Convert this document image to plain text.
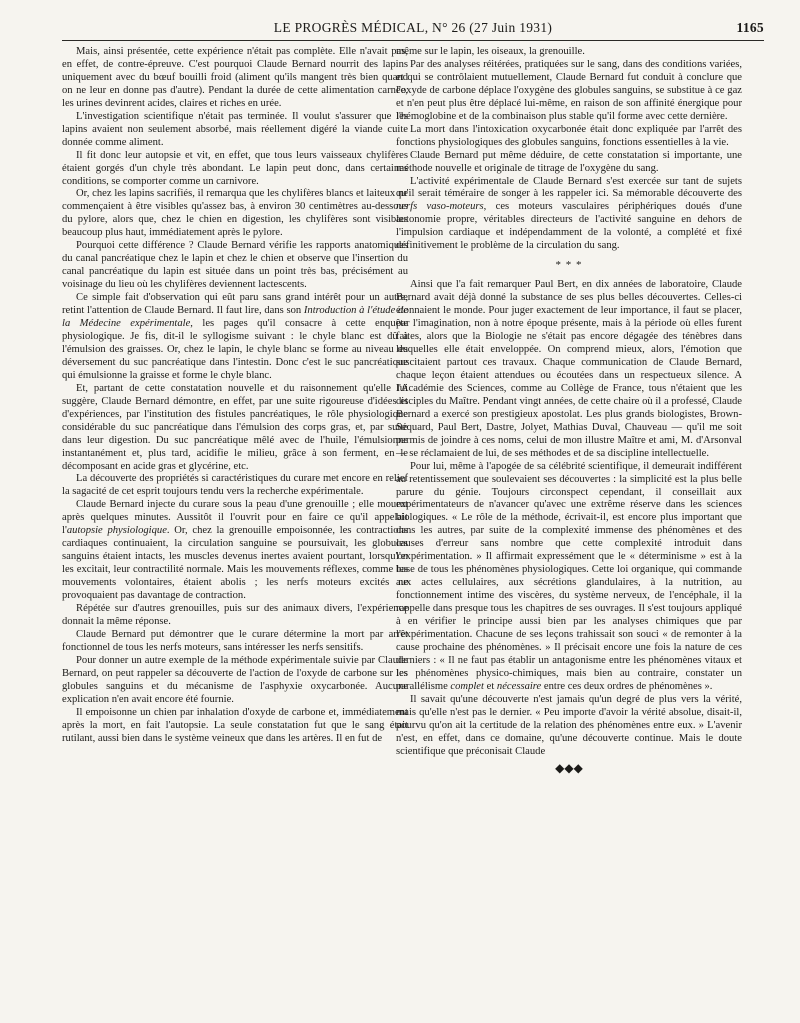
LE PROGRÈS MÉDICAL, N° 26 (27 Juin 1931)	1165

Mais, ainsi présentée, cette expérience n'était pas complète. Elle n'avait pas, en effet, de contre-épreuve. C'est pourquoi Claude Bernard nourrit des lapins uniquement avec du bœuf bouilli froid (aliment qu'ils mangent très bien quand on ne leur en donne pas d'autre). Pendant la durée de cette alimentation carnée, les urines devinrent acides, claires et riches en urée.

L'investigation scientifique n'était pas terminée. Il voulut s'assurer que les lapins avaient non seulement absorbé, mais réellement digéré la viande cuite donnée comme aliment.

Il fit donc leur autopsie et vit, en effet, que tous leurs vaisseaux chylifères étaient gorgés d'un chyle très abondant. Le lapin peut donc, dans certaines conditions, se comporter comme un carnivore.

Or, chez les lapins sacrifiés, il remarqua que les chylifères blancs et laiteux ne commençaient à être visibles qu'assez bas, à environ 30 centimètres au-dessous du pylore, alors que, chez le chien en digestion, les chylifères sont visibles beaucoup plus haut, immédiatement après le pylore.

Pourquoi cette différence ? Claude Bernard vérifie les rapports anatomiques du canal pancréatique chez le lapin et chez le chien et observe que l'insertion du canal pancréatique du lapin est située dans un point très bas, précisément au voisinage du lieu où les chylifères deviennent lactescents.

Ce simple fait d'observation qui eût paru sans grand intérêt pour un autre, retint l'attention de Claude Bernard. Il faut lire, dans son Introduction à l'étude de la Médecine expérimentale, les pages qu'il consacre à cette enquête physiologique. Je fis, dit-il le syllogisme suivant : le chyle blanc est dû à l'émulsion des graisses. Or, chez le lapin, le chyle blanc se forme au niveau du déversement du suc pancréatique dans l'intestin. Donc c'est le suc pancréatique qui émulsionne la graisse et forme le chyle blanc.

Et, partant de cette constatation nouvelle et du raisonnement qu'elle lui suggère, Claude Bernard démontre, en effet, par une suite rigoureuse d'idées et d'expériences, par l'institution des fistules pancréatiques, le rôle physiologique considérable du suc pancréatique dans l'émulsion des corps gras, et, par suite dans leur digestion. Du suc pancréatique mêlé avec de l'huile, l'émulsionne instantanément et, plus tard, acidifie le milieu, grâce à son ferment, en le décomposant en acide gras et glycérine, etc.

La découverte des propriétés si caractéristiques du curare met encore en relief la sagacité de cet esprit toujours tendu vers la recherche expérimentale.

Claude Bernard injecte du curare sous la peau d'une grenouille ; elle mourut après quelques minutes. Aussitôt il l'ouvrit pour en faire ce qu'il appelait l'autopsie physiologique. Or, chez la grenouille empoisonnée, les contractions cardiaques continuaient, la circulation sanguine se poursuivait, les globules sanguins étaient intacts, les muscles devenus inertes avaient pourtant, lorsqu'on les excitait, leur contractilité normale. Mais les mouvements réflexes, comme les mouvements volontaires, étaient abolis ; les nerfs moteurs excités ne provoquaient pas davantage de contraction.

Répétée sur d'autres grenouilles, puis sur des animaux divers, l'expérience donnait la même réponse.

Claude Bernard put démontrer que le curare détermine la mort par arrêt fonctionnel de tous les nerfs moteurs, sans intéresser les nerfs sensitifs.

Pour donner un autre exemple de la méthode expérimentale suivie par Claude Bernard, on peut rappeler sa découverte de l'action de l'oxyde de carbone sur les globules sanguins et du mécanisme de l'asphyxie oxycarbonée. Aucune explication n'en avait encore été fournie.

Il empoisonne un chien par inhalation d'oxyde de carbone et, immédiatement après la mort, en fait l'autopsie. La seule constatation fut que le sang était rutilant, aussi bien dans le système veineux que dans les artères. Il en fut de

même sur le lapin, les oiseaux, la grenouille.

Par des analyses réitérées, pratiquées sur le sang, dans des conditions variées, et qui se contrôlaient mutuellement, Claude Bernard fut conduit à conclure que l'oxyde de carbone déplace l'oxygène des globules sanguins, se substitue à ce gaz et n'en peut plus être déplacé lui-même, en raison de son affinité énergique pour l'hémoglobine et de la combinaison plus stable qu'il forme avec cette dernière.

La mort dans l'intoxication oxycarbonée était donc expliquée par l'arrêt des fonctions physiologiques des globules sanguins, fonctions essentielles à la vie.

Claude Bernard put même déduire, de cette constatation si importante, une méthode nouvelle et originale de titrage de l'oxygène du sang.

L'activité expérimentale de Claude Bernard s'est exercée sur tant de sujets qu'il serait téméraire de songer à les rappeler ici. Sa mémorable découverte des nerfs vaso-moteurs, ces moteurs vasculaires périphériques doués d'une autonomie propre, véritables directeurs de l'activité sanguine en dehors de l'impulsion cardiaque et indépendamment de la volonté, a complété et fixé définitivement le problème de la circulation du sang.

* * *

Ainsi que l'a fait remarquer Paul Bert, en dix années de laboratoire, Claude Bernard avait déjà donné la substance de ses plus belles découvertes. Celles-ci étonnaient le monde. Pour juger exactement de leur importance, il faut se placer, par l'imagination, non à notre époque présente, mais à la période où elles furent faites, alors que la Biologie ne s'était pas encore dégagée des ténèbres dans lesquelles elle était enveloppée. On comprend mieux, alors, l'émotion que suscitaient partout ces travaux. Chaque communication de Claude Bernard, chaque leçon étaient attendues ou écoutées dans un respectueux silence. A l'Académie des Sciences, comme au Collège de France, tous n'étaient que les disciples du Maître. Pendant vingt années, de cette chaire où il a professé, Claude Bernard a exercé son prestigieux apostolat. Les plus grands biologistes, Brown-Séquard, Paul Bert, Dastre, Jolyet, Mathias Duval, Chauveau — qu'il me soit permis de joindre à ces noms, celui de mon illustre Maître et ami, M. d'Arsonval — se réclamaient de lui, de ses méthodes et de sa discipline intellectuelle.

Pour lui, même à l'apogée de sa célébrité scientifique, il demeurait indifférent au retentissement que soulevaient ses découvertes : la simplicité est la plus belle parure du génie. Toujours circonspect cependant, il conseillait aux expérimentateurs de n'avancer qu'avec une extrême réserve dans les sciences biologiques. « Le rôle de la méthode, écrivait-il, est encore plus important que dans les autres, par suite de la complexité immense des phénomènes et des causes d'erreur sans nombre que cette complexité introduit dans l'expérimentation. » Il affirmait expressément que le « déterminisme » est à la base de tous les phénomènes physiologiques. Cette loi organique, qui commande aux actes cellulaires, aux sécrétions glandulaires, à la nutrition, au fonctionnement intime des viscères, du système nerveux, de l'encéphale, il la rappelle dans presque tous les chapitres de ses ouvrages. Il s'est toujours appliqué à en vérifier le principe aussi bien par les analyses chimiques que par l'expérimentation. Chacune de ses leçons trahissait son souci « de remonter à la cause prochaine des phénomènes. » Il précisait encore une fois la nature de ces derniers : « Il ne faut pas établir un antagonisme entre les phénomènes vitaux et les phénomènes physico-chimiques, mais bien au contraire, constater un parallélisme complet et nécessaire entre ces deux ordres de phénomènes ».

Il savait qu'une découverte n'est jamais qu'un degré de plus vers la vérité, mais qu'elle n'est pas le dernier. « Peu importe d'avoir la vérité absolue, disait-il, pourvu qu'on ait la certitude de la relation des phénomènes entre eux. » L'avenir n'est, en effet, dans ce domaine, qu'une découverte continue. Mais le doute scientifique que préconisait Claude

◆◆◆
